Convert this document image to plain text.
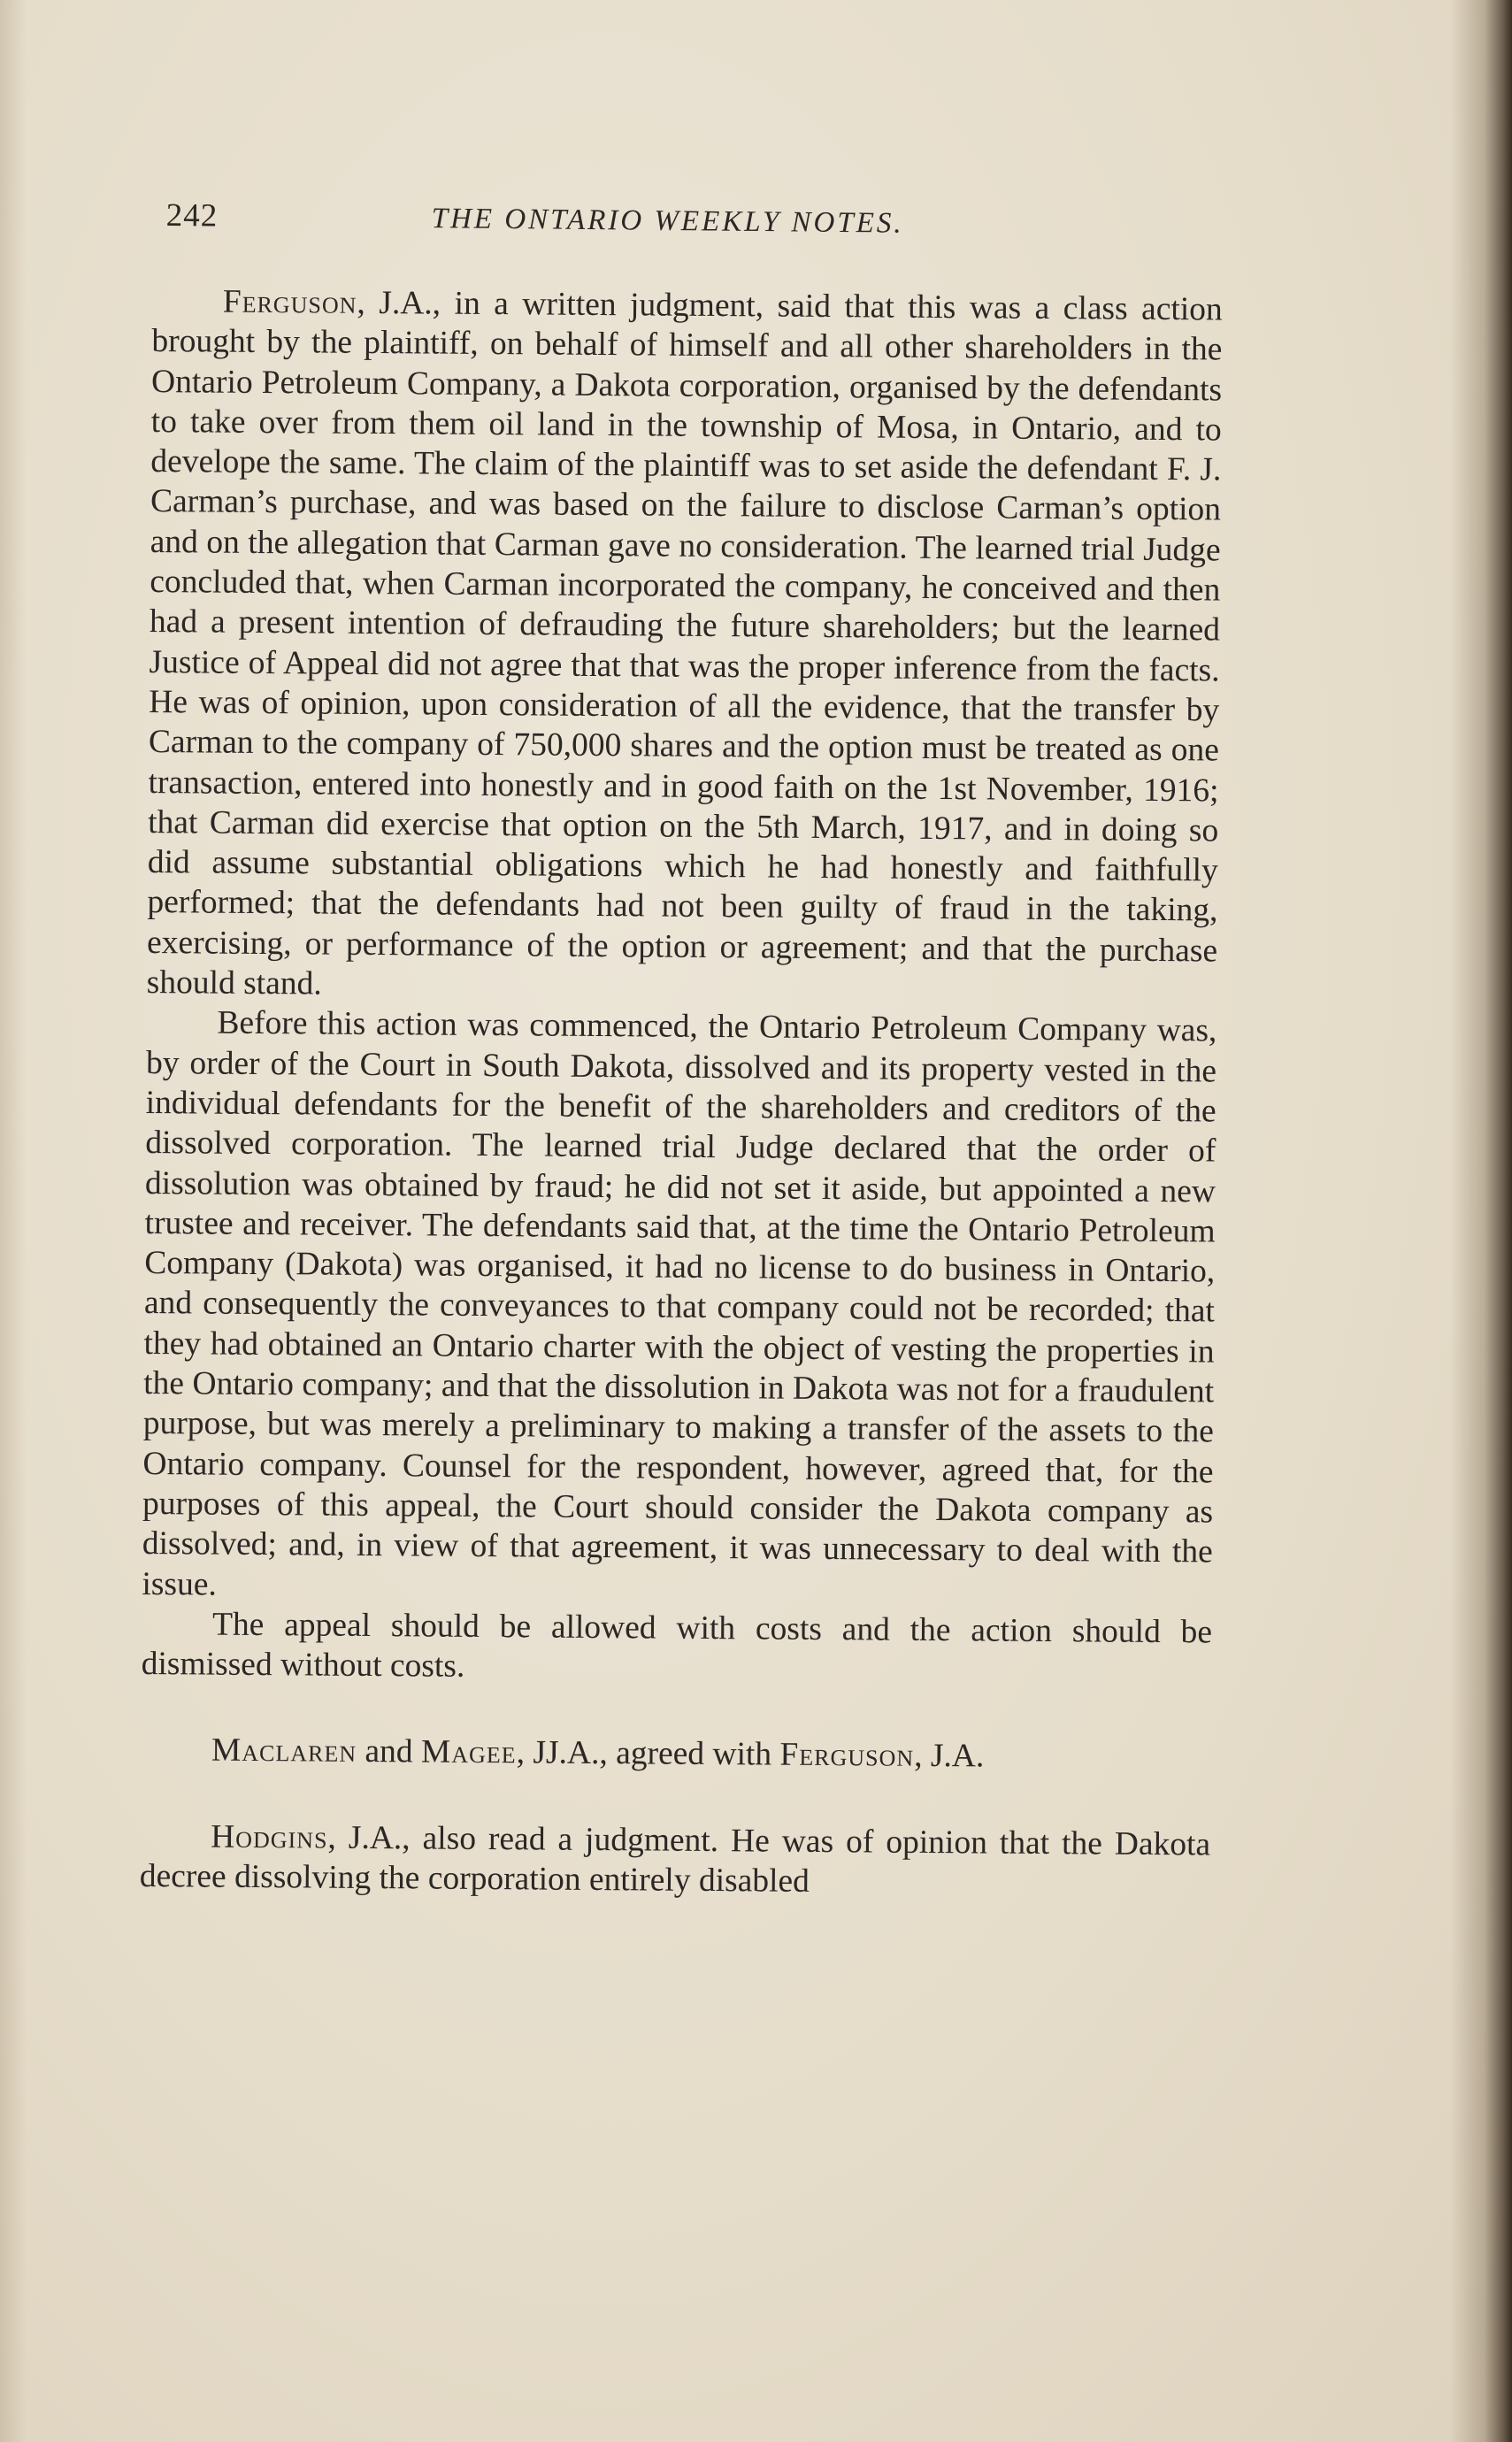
242	THE ONTARIO WEEKLY NOTES.

Ferguson, J.A., in a written judgment, said that this was a class action brought by the plaintiff, on behalf of himself and all other shareholders in the Ontario Petroleum Company, a Dakota corporation, organised by the defendants to take over from them oil land in the township of Mosa, in Ontario, and to develope the same. The claim of the plaintiff was to set aside the defendant F. J. Carman’s purchase, and was based on the failure to disclose Carman’s option and on the allegation that Carman gave no consideration. The learned trial Judge concluded that, when Carman incorporated the company, he conceived and then had a present intention of defrauding the future shareholders; but the learned Justice of Appeal did not agree that that was the proper inference from the facts. He was of opinion, upon consideration of all the evidence, that the transfer by Carman to the company of 750,000 shares and the option must be treated as one transaction, entered into honestly and in good faith on the 1st November, 1916; that Carman did exercise that option on the 5th March, 1917, and in doing so did assume substantial obligations which he had honestly and faithfully performed; that the defendants had not been guilty of fraud in the taking, exercising, or performance of the option or agreement; and that the purchase should stand.

Before this action was commenced, the Ontario Petroleum Company was, by order of the Court in South Dakota, dissolved and its property vested in the individual defendants for the benefit of the shareholders and creditors of the dissolved corporation. The learned trial Judge declared that the order of dissolution was obtained by fraud; he did not set it aside, but appointed a new trustee and receiver. The defendants said that, at the time the Ontario Petroleum Company (Dakota) was organised, it had no license to do business in Ontario, and consequently the conveyances to that company could not be recorded; that they had obtained an Ontario charter with the object of vesting the properties in the Ontario company; and that the dissolution in Dakota was not for a fraudulent purpose, but was merely a preliminary to making a transfer of the assets to the Ontario company. Counsel for the respondent, however, agreed that, for the purposes of this appeal, the Court should consider the Dakota company as dissolved; and, in view of that agreement, it was unnecessary to deal with the issue.

The appeal should be allowed with costs and the action should be dismissed without costs.

Maclaren and Magee, JJ.A., agreed with Ferguson, J.A.

Hodgins, J.A., also read a judgment. He was of opinion that the Dakota decree dissolving the corporation entirely disabled
